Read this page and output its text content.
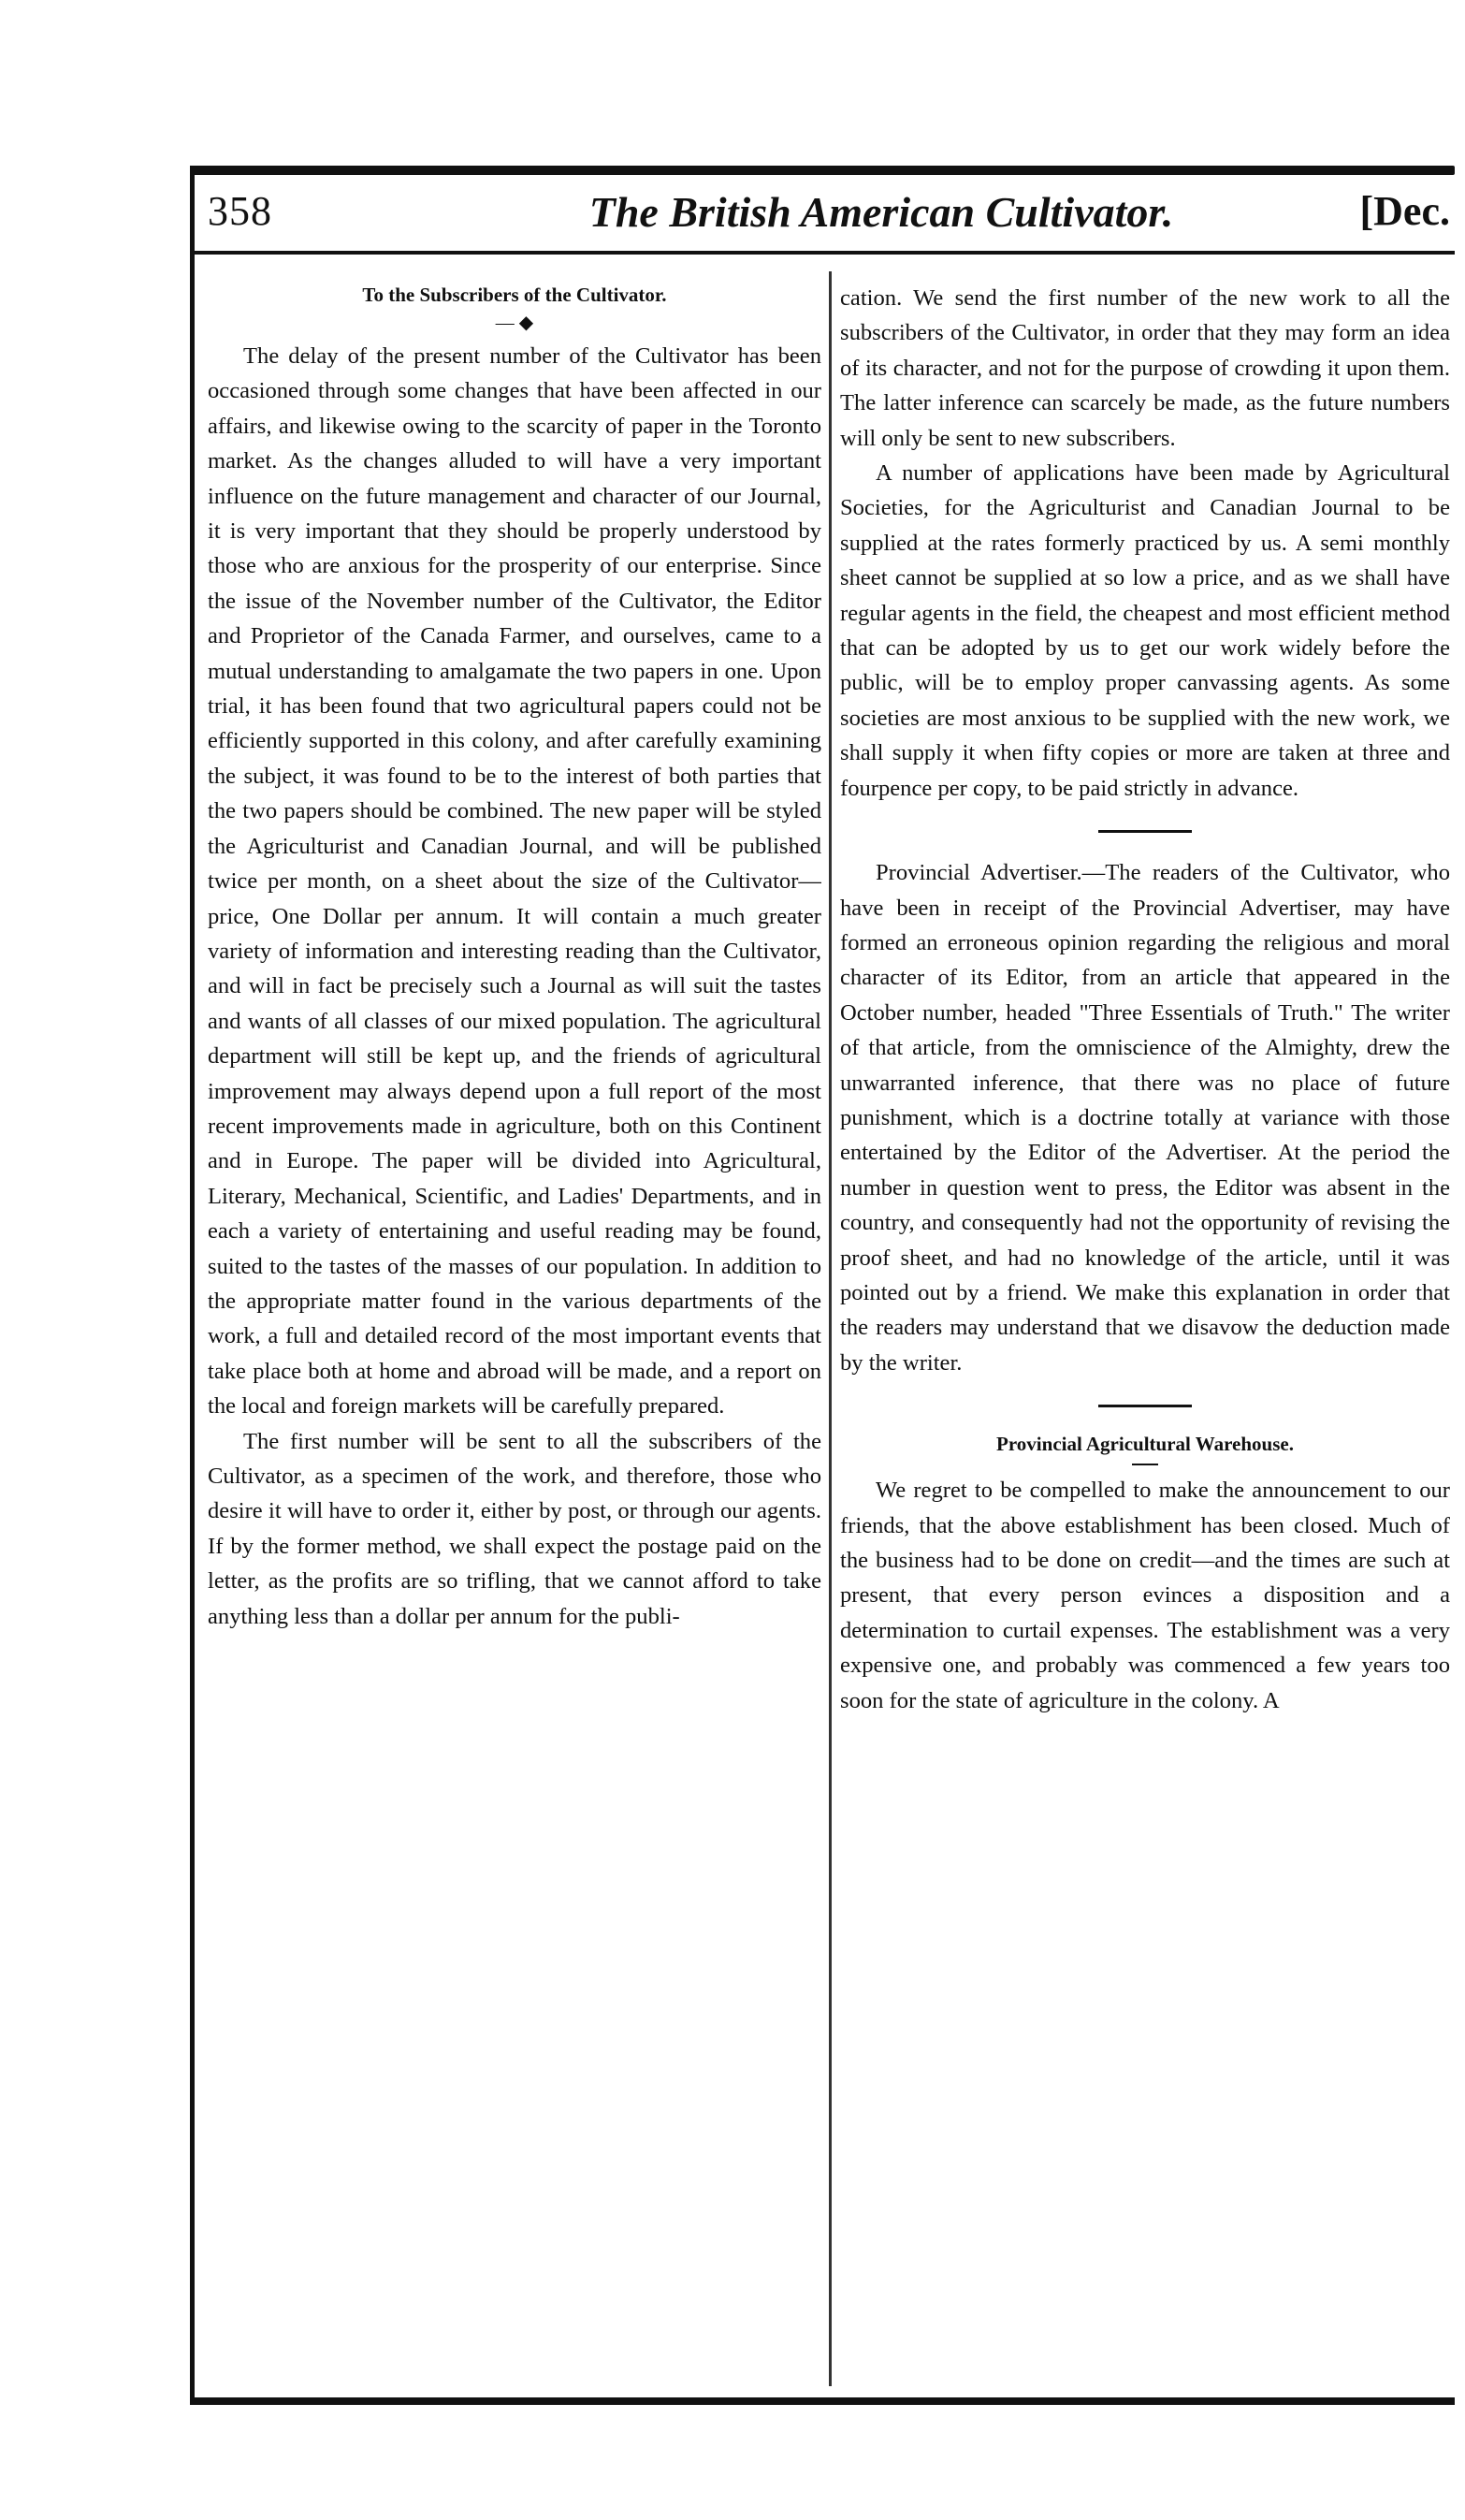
358	The British American Cultivator.	[Dec.
To the Subscribers of the Cultivator.
— ◆

The delay of the present number of the Cultivator has been occasioned through some changes that have been affected in our affairs, and likewise owing to the scarcity of paper in the Toronto market. As the changes alluded to will have a very important influence on the future management and character of our Journal, it is very important that they should be properly understood by those who are anxious for the prosperity of our enterprise. Since the issue of the November number of the Cultivator, the Editor and Proprietor of the Canada Farmer, and ourselves, came to a mutual understanding to amalgamate the two papers in one. Upon trial, it has been found that two agricultural papers could not be efficiently supported in this colony, and after carefully examining the subject, it was found to be to the interest of both parties that the two papers should be combined. The new paper will be styled the Agriculturist and Canadian Journal, and will be published twice per month, on a sheet about the size of the Cultivator—price, One Dollar per annum. It will contain a much greater variety of information and interesting reading than the Cultivator, and will in fact be precisely such a Journal as will suit the tastes and wants of all classes of our mixed population. The agricultural department will still be kept up, and the friends of agricultural improvement may always depend upon a full report of the most recent improvements made in agriculture, both on this Continent and in Europe. The paper will be divided into Agricultural, Literary, Mechanical, Scientific, and Ladies' Departments, and in each a variety of entertaining and useful reading may be found, suited to the tastes of the masses of our population. In addition to the appropriate matter found in the various departments of the work, a full and detailed record of the most important events that take place both at home and abroad will be made, and a report on the local and foreign markets will be carefully prepared.

The first number will be sent to all the subscribers of the Cultivator, as a specimen of the work, and therefore, those who desire it will have to order it, either by post, or through our agents. If by the former method, we shall expect the postage paid on the letter, as the profits are so trifling, that we cannot afford to take anything less than a dollar per annum for the publi-

cation. We send the first number of the new work to all the subscribers of the Cultivator, in order that they may form an idea of its character, and not for the purpose of crowding it upon them. The latter inference can scarcely be made, as the future numbers will only be sent to new subscribers.

A number of applications have been made by Agricultural Societies, for the Agriculturist and Canadian Journal to be supplied at the rates formerly practiced by us. A semi monthly sheet cannot be supplied at so low a price, and as we shall have regular agents in the field, the cheapest and most efficient method that can be adopted by us to get our work widely before the public, will be to employ proper canvassing agents. As some societies are most anxious to be supplied with the new work, we shall supply it when fifty copies or more are taken at three and fourpence per copy, to be paid strictly in advance.

Provincial Advertiser.—The readers of the Cultivator, who have been in receipt of the Provincial Advertiser, may have formed an erroneous opinion regarding the religious and moral character of its Editor, from an article that appeared in the October number, headed "Three Essentials of Truth." The writer of that article, from the omniscience of the Almighty, drew the unwarranted inference, that there was no place of future punishment, which is a doctrine totally at variance with those entertained by the Editor of the Advertiser. At the period the number in question went to press, the Editor was absent in the country, and consequently had not the opportunity of revising the proof sheet, and had no knowledge of the article, until it was pointed out by a friend. We make this explanation in order that the readers may understand that we disavow the deduction made by the writer.

Provincial Agricultural Warehouse.

We regret to be compelled to make the announcement to our friends, that the above establishment has been closed. Much of the business had to be done on credit—and the times are such at present, that every person evinces a disposition and a determination to curtail expenses. The establishment was a very expensive one, and probably was commenced a few years too soon for the state of agriculture in the colony. A
